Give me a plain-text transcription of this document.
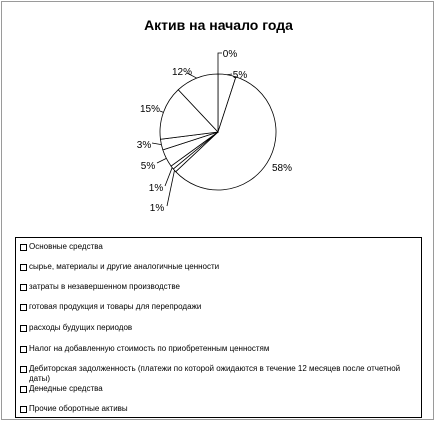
Актив на начало года
0%
5%
58%
1%
1%
5%
3%
15%
12%
Основные средства
сырье, материалы и другие аналогичные ценности
затраты в незавершенном производстве
готовая продукция и товары для перепродажи
расходы будущих периодов
Налог на добавленную стоимость по приобретенным ценностям
Дебиторская задолженность (платежи по которой ожидаются в течение 12 месяцев после отчетной даты)
Денедные средства
Прочие оборотные активы
